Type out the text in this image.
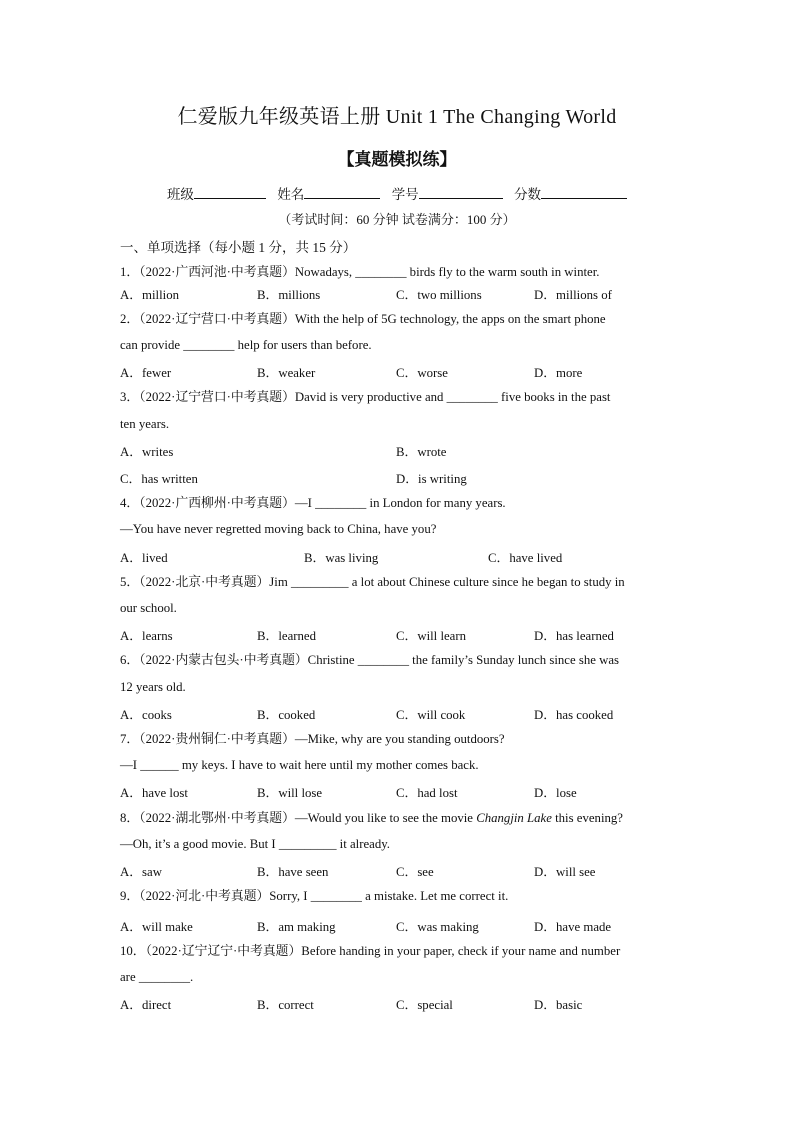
仁爱版九年级英语上册 Unit 1 The Changing World
【真题模拟练】
班级	姓名	学号	分数
（考试时间：60 分钟 试卷满分：100 分）
一、单项选择（每小题 1 分，共 15 分）
1．（2022·广西河池·中考真题）Nowadays, ________ birds fly to the warm south in winter.
A．million	B．millions	C．two millions	D．millions of
2．（2022·辽宁营口·中考真题）With the help of 5G technology, the apps on the smart phone
can provide ________ help for users than before.
A．fewer	B．weaker	C．worse	D．more
3．（2022·辽宁营口·中考真题）David is very productive and ________ five books in the past
ten years.
A．writes	B．wrote
C．has written	D．is writing
4．（2022·广西柳州·中考真题）—I ________ in London for many years.
—You have never regretted moving back to China, have you?
A．lived	B．was living	C．have lived
5．（2022·北京·中考真题）Jim _________ a lot about Chinese culture since he began to study in
our school.
A．learns	B．learned	C．will learn	D．has learned
6．（2022·内蒙古包头·中考真题）Christine ________ the family’s Sunday lunch since she was
12 years old.
A．cooks	B．cooked	C．will cook	D．has cooked
7．（2022·贵州铜仁·中考真题）—Mike, why are you standing outdoors?
—I ______ my keys. I have to wait here until my mother comes back.
A．have lost	B．will lose	C．had lost	D．lose
8．（2022·湖北鄂州·中考真题）—Would you like to see the movie Changjin Lake this evening?
—Oh, it’s a good movie. But I _________ it already.
A．saw	B．have seen	C．see	D．will see
9．（2022·河北·中考真题）Sorry, I ________ a mistake. Let me correct it.
A．will make	B．am making	C．was making	D．have made
10．（2022·辽宁辽宁·中考真题）Before handing in your paper, check if your name and number
are ________.
A．direct	B．correct	C．special	D．basic
